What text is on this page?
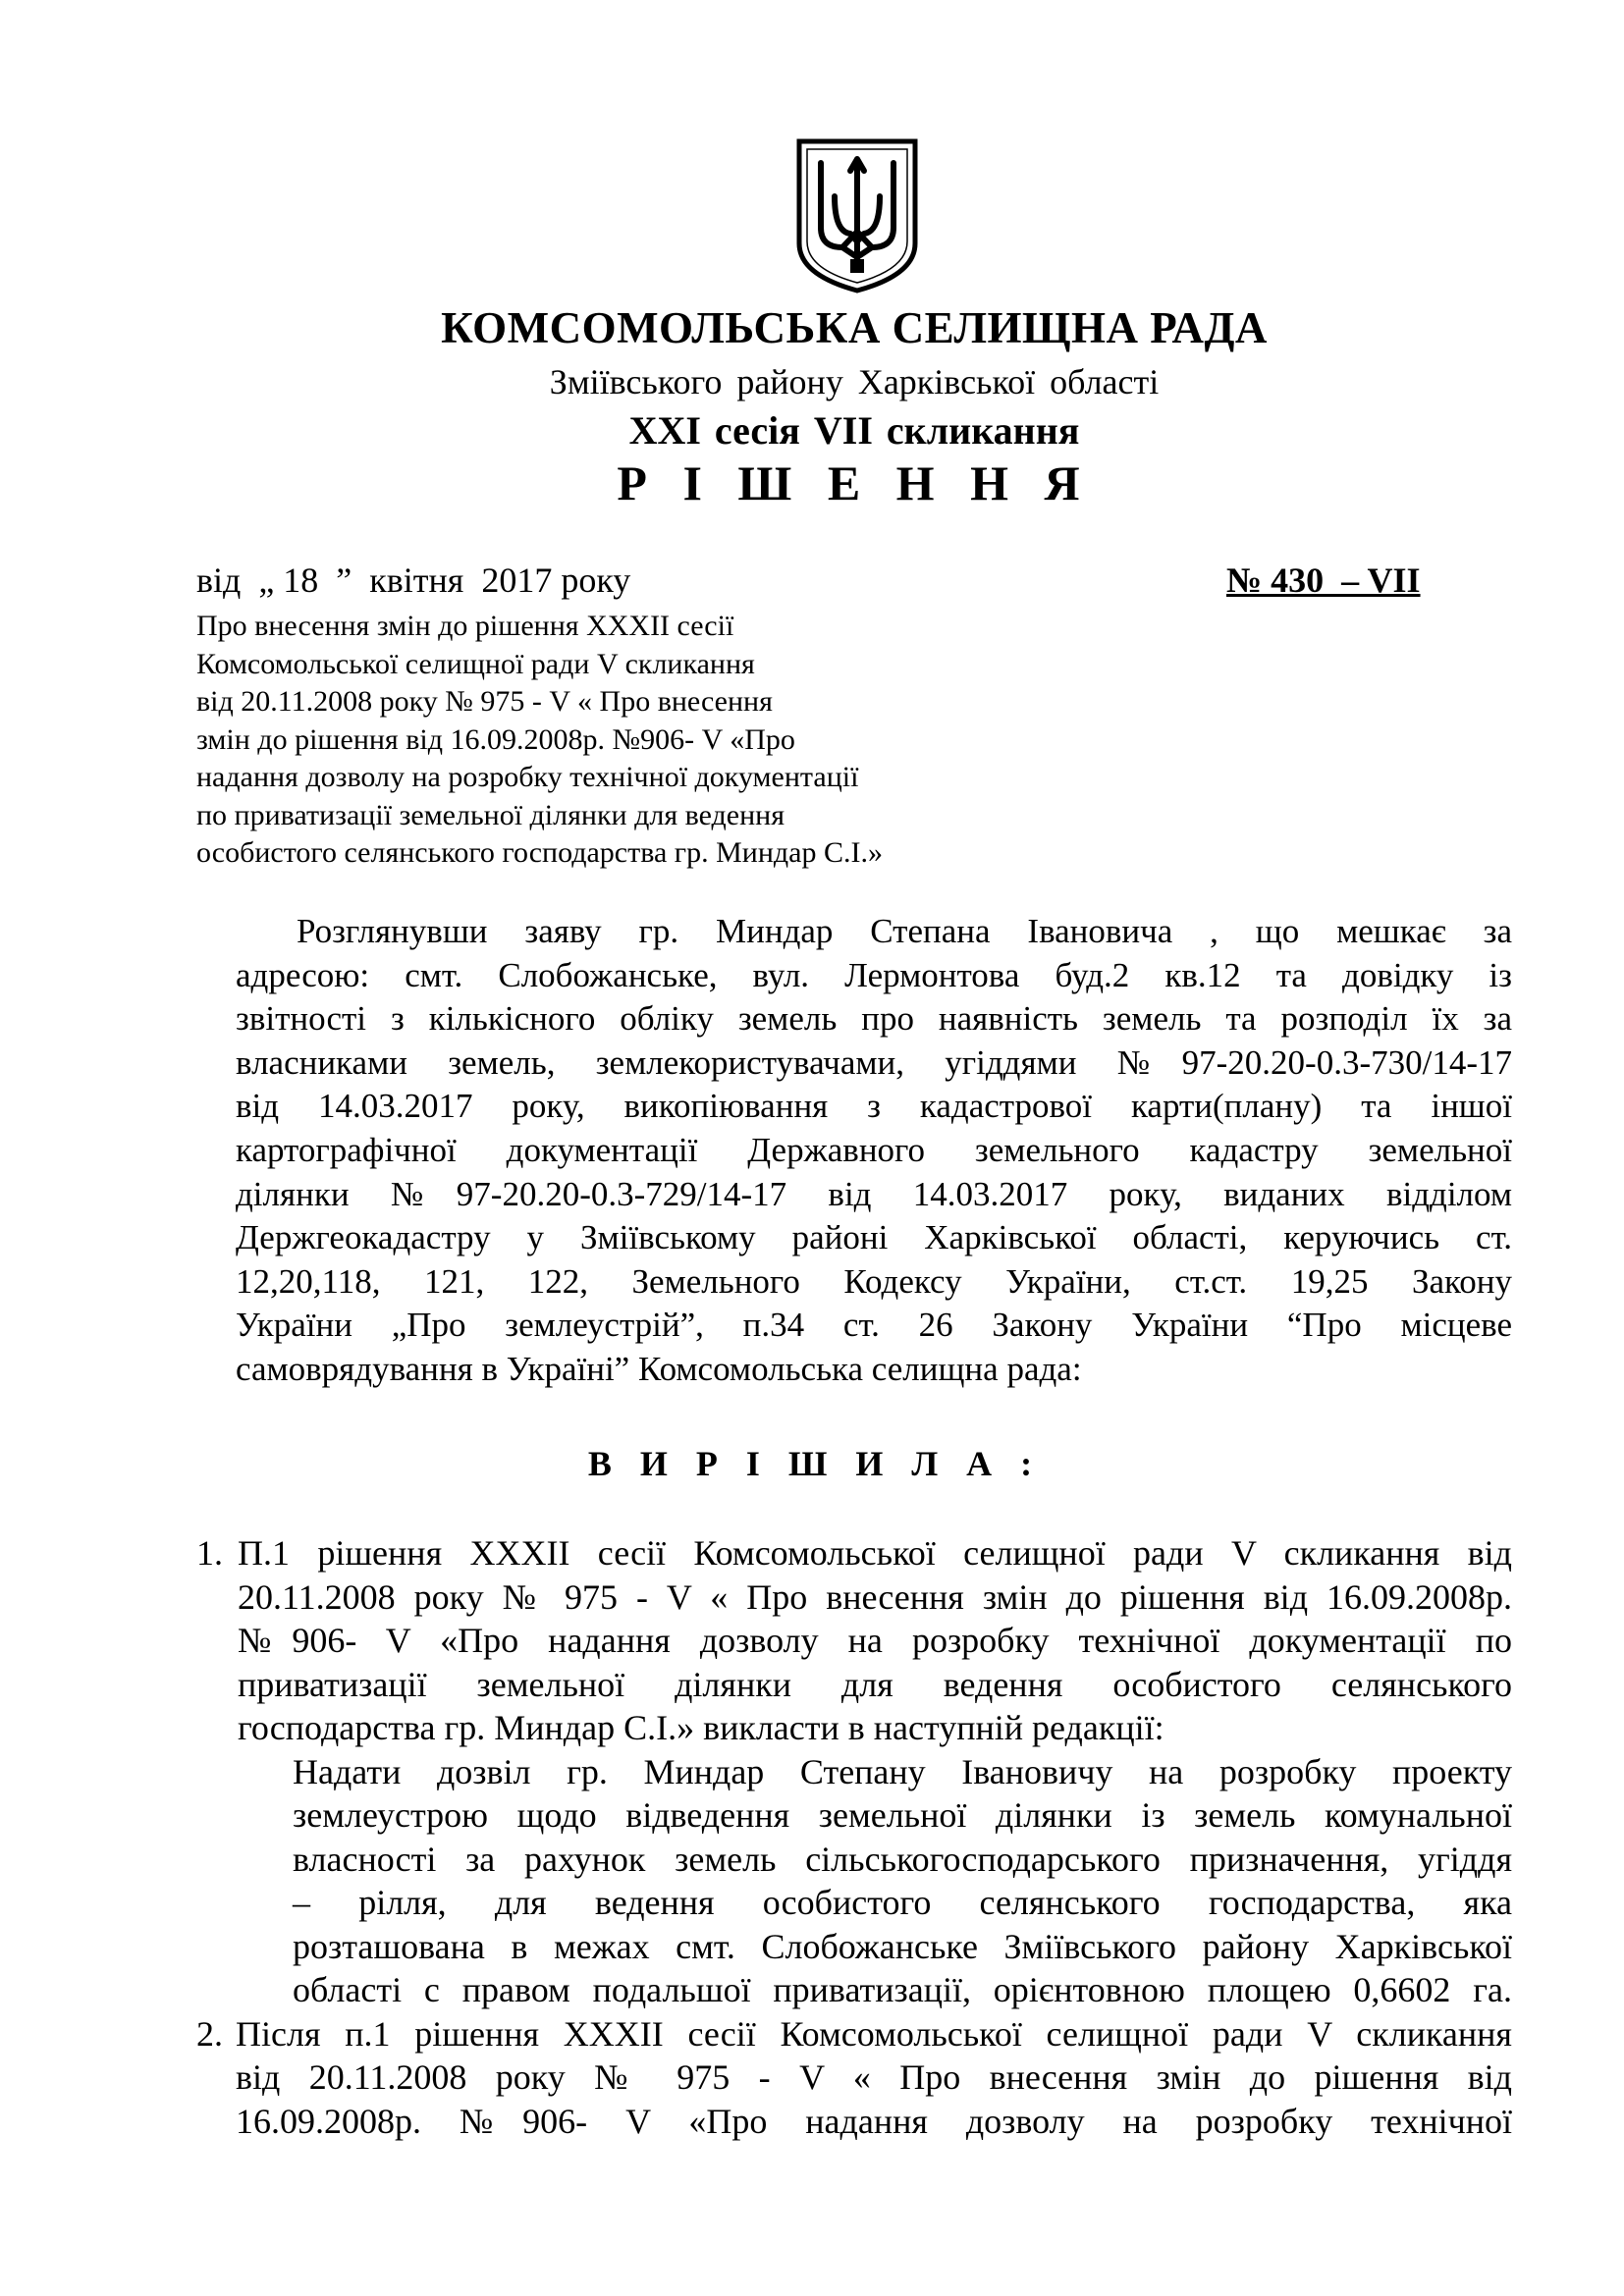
КОМСОМОЛЬСЬКА СЕЛИЩНА РАДА
Зміївського району Харківської області
XXI сесія VII скликання
Р І Ш Е Н Н Я
від  „ 18  ”  квітня  2017 року	№ 430  – VII
Про внесення змін до рішення XXXII сесії
Комсомольської селищної ради V скликання
від 20.11.2008 року № 975 - V « Про внесення
змін до рішення від 16.09.2008р. №906- V «Про
надання дозволу на розробку технічної документації
по приватизації земельної ділянки для ведення
особистого селянського господарства гр. Миндар С.І.»
Розглянувши заяву гр. Миндар Степана Івановича , що мешкає за
адресою: смт. Слобожанське, вул. Лермонтова буд.2 кв.12 та довідку із
звітності з кількісного обліку земель про наявність земель та розподіл їх за
власниками земель, землекористувачами, угіддями №97-20.20-0.3-730/14-17
від 14.03.2017 року, викопіювання з кадастрової карти(плану) та іншої
картографічної документації Державного земельного кадастру земельної
ділянки №97-20.20-0.3-729/14-17 від 14.03.2017 року, виданих відділом
Держгеокадастру у Зміївському районі Харківської області, керуючись ст.
12,20,118, 121, 122, Земельного Кодексу України, ст.ст. 19,25 Закону
України „Про землеустрій”, п.34 ст. 26 Закону України “Про місцеве
самоврядування в Україні” Комсомольська селищна рада:
В И Р І Ш И Л А :
1. П.1 рішення XXXII сесії Комсомольської селищної ради V скликання від
20.11.2008 року № 975 - V « Про внесення змін до рішення від 16.09.2008р.
№906- V «Про надання дозволу на розробку технічної документації по
приватизації земельної ділянки для ведення особистого селянського
господарства гр. Миндар С.І.» викласти в наступній редакції:
Надати дозвіл гр. Миндар Степану Івановичу на розробку проекту
землеустрою щодо відведення земельної ділянки із земель комунальної
власності за рахунок земель сільськогосподарського призначення, угіддя
– рілля, для ведення особистого селянського господарства, яка
розташована в межах смт. Слобожанське Зміївського району Харківської
області с правом подальшої приватизації, орієнтовною площею 0,6602 га.
2. Після п.1 рішення XXXII сесії Комсомольської селищної ради V скликання
від 20.11.2008 року № 975 - V « Про внесення змін до рішення від
16.09.2008р. №906- V «Про надання дозволу на розробку технічної
